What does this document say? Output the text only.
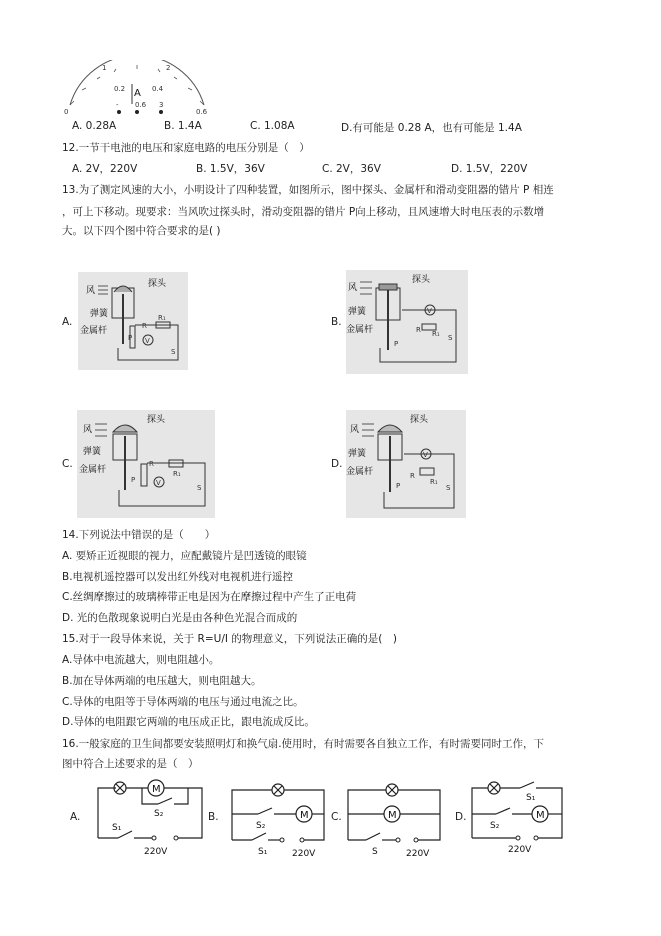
1	2
0.2	0.4
A
0	0.6
- 0.6 3
A. 0.28A	B. 1.4A	C. 1.08A	D.有可能是 0.28 A，也有可能是 1.4A
12.一节干电池的电压和家庭电路的电压分别是（　）
A. 2V，220V	B. 1.5V，36V	C. 2V，36V	D. 1.5V，220V
13.为了测定风速的大小，小明设计了四种装置，如图所示，图中探头、金属杆和滑动变阻器的错片 P 相连
，可上下移动。现要求：当风吹过探头时，滑动变阻器的错片 P向上移动，且风速增大时电压表的示数增
大。以下四个图中符合要求的是( )
A.	B.
C.	D.
风
弹簧
金属杆
探头
V
R
R₁
P
S
风
弹簧
金属杆
探头
V
R R₁
P
S
风
弹簧
金属杆
探头
V
R
R₁
P
S
风
弹簧
金属杆
探头
V
R
R₁
P	S
14.下列说法中错误的是（　　）
A. 要矫正近视眼的视力，应配戴镜片是凹透镜的眼镜
B.电视机遥控器可以发出红外线对电视机进行遥控
C.丝绸摩擦过的玻璃棒带正电是因为在摩擦过程中产生了正电荷
D. 光的色散现象说明白光是由各种色光混合而成的
15.对于一段导体来说，关于 R=U/I 的物理意义，下列说法正确的是(　)
A.导体中电流越大，则电阻越小。
B.加在导体两端的电压越大，则电阻越大。
C.导体的电阻等于导体两端的电压与通过电流之比。
D.导体的电阻跟它两端的电压成正比，跟电流成反比。
16.一般家庭的卫生间都要安装照明灯和换气扇.使用时，有时需要各自独立工作，有时需要同时工作，下
图中符合上述要求的是（　）
A.	B.	C.	D.
M
S₁
S₂
220V
M
S₂
S₁	220V
M
S	220V
M
S₁
S₂
220V
